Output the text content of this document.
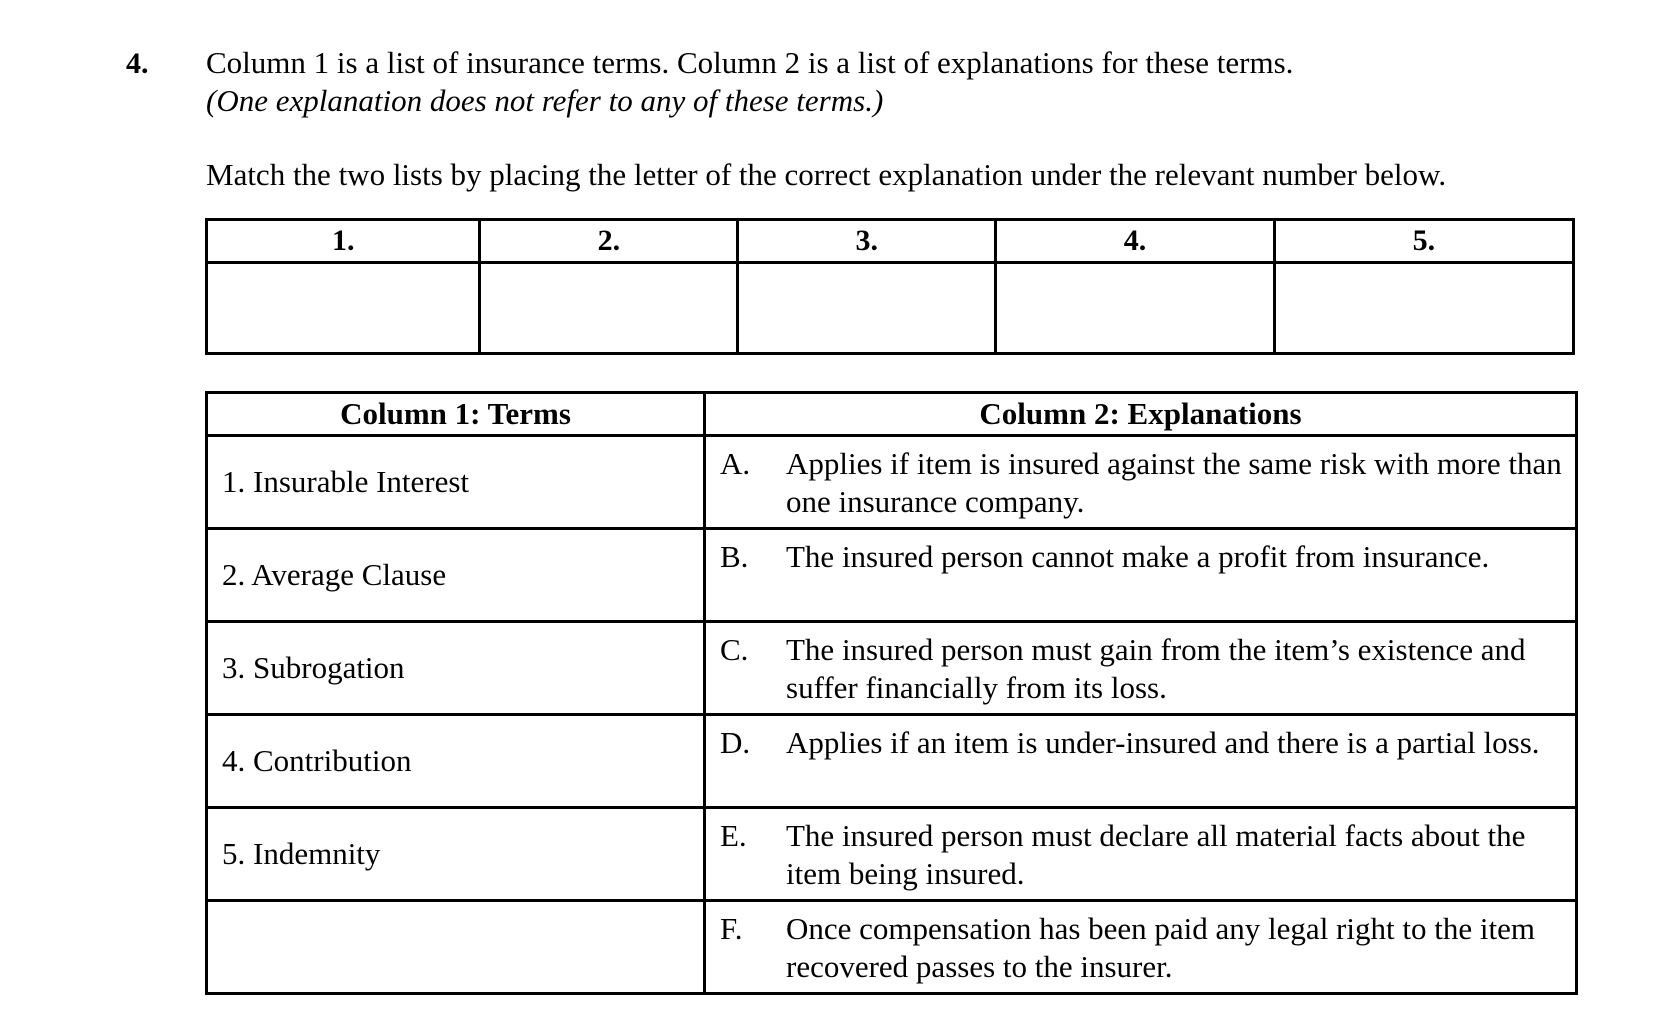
4. Column 1 is a list of insurance terms. Column 2 is a list of explanations for these terms.
(One explanation does not refer to any of these terms.)
Match the two lists by placing the letter of the correct explanation under the relevant number below.
1.	2.	3.	4.	5.

Column 1: Terms	Column 2: Explanations
1. Insurable Interest	A. Applies if item is insured against the same risk with more than one insurance company.

2. Average Clause	B. The insured person cannot make a profit from insurance.

3. Subrogation	C. The insured person must gain from the item’s existence and suffer financially from its loss.

4. Contribution	D. Applies if an item is under-insured and there is a partial loss.

5. Indemnity	E. The insured person must declare all material facts about the item being insured.

	F. Once compensation has been paid any legal right to the item recovered passes to the insurer.
